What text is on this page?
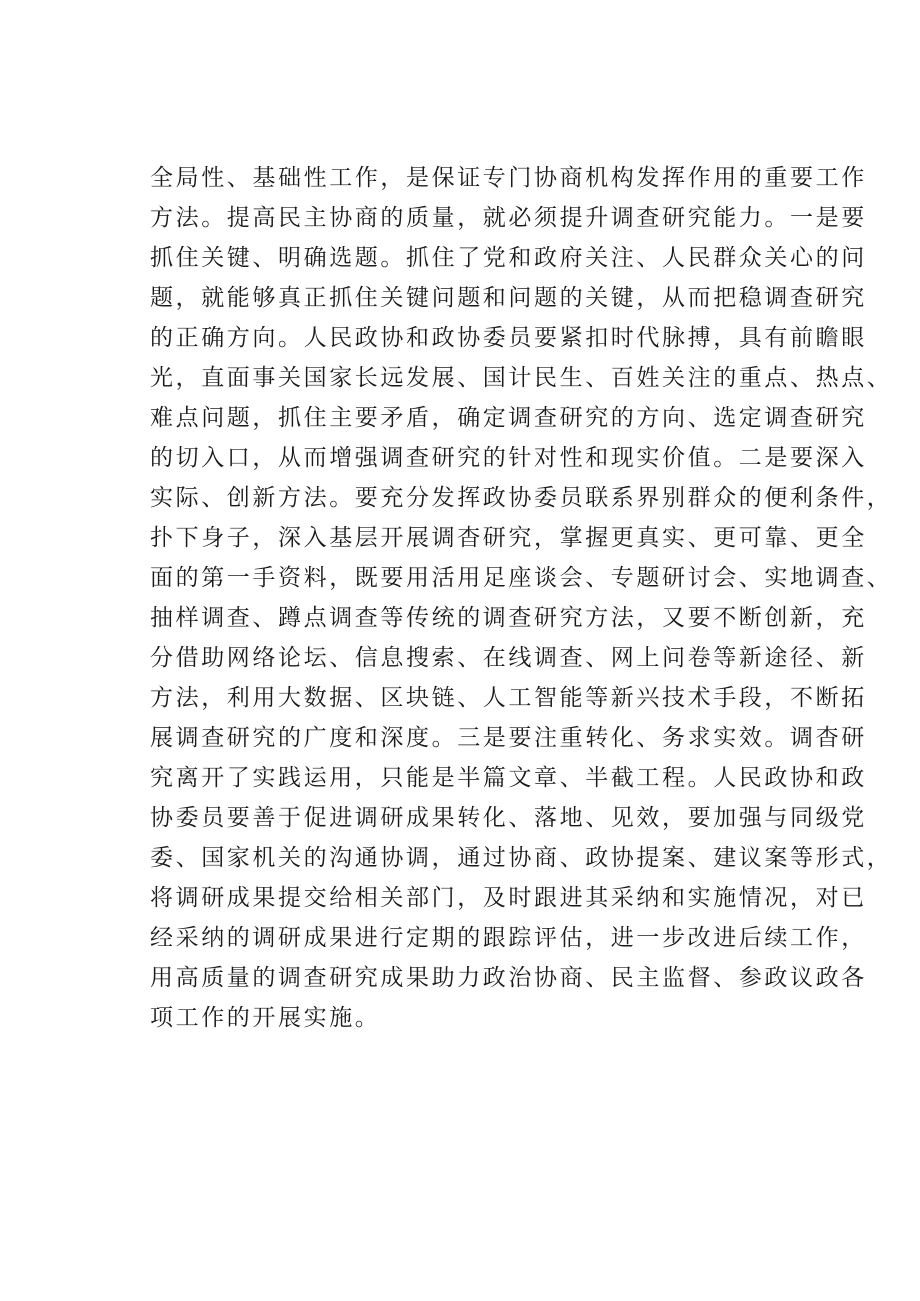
全局性、基础性工作，是保证专门协商机构发挥作用的重要工作

方法。提高民主协商的质量，就必须提升调查研究能力。一是要

抓住关键、明确选题。抓住了党和政府关注、人民群众关心的问

题，就能够真正抓住关键问题和问题的关键，从而把稳调查研究

的正确方向。人民政协和政协委员要紧扣时代脉搏，具有前瞻眼

光，直面事关国家长远发展、国计民生、百姓关注的重点、热点、

难点问题，抓住主要矛盾，确定调查研究的方向、选定调查研究

的切入口，从而增强调查研究的针对性和现实价值。二是要深入

实际、创新方法。要充分发挥政协委员联系界别群众的便利条件，

扑下身子，深入基层开展调杳研究，掌握更真实、更可靠、更全

面的第一手资料，既要用活用足座谈会、专题研讨会、实地调查、

抽样调查、蹲点调查等传统的调查研究方法，又要不断创新，充

分借助网络论坛、信息搜索、在线调查、网上问卷等新途径、新

方法，利用大数据、区块链、人工智能等新兴技术手段，不断拓

展调查研究的广度和深度。三是要注重转化、务求实效。调杳研

究离开了实践运用，只能是半篇文章、半截工程。人民政协和政

协委员要善于促进调研成果转化、落地、见效，要加强与同级党

委、国家机关的沟通协调，通过协商、政协提案、建议案等形式，

将调研成果提交给相关部门，及时跟进其采纳和实施情况，对已

经采纳的调研成果进行定期的跟踪评估，进一步改进后续工作，

用高质量的调查研究成果助力政治协商、民主监督、参政议政各

项工作的开展实施。
